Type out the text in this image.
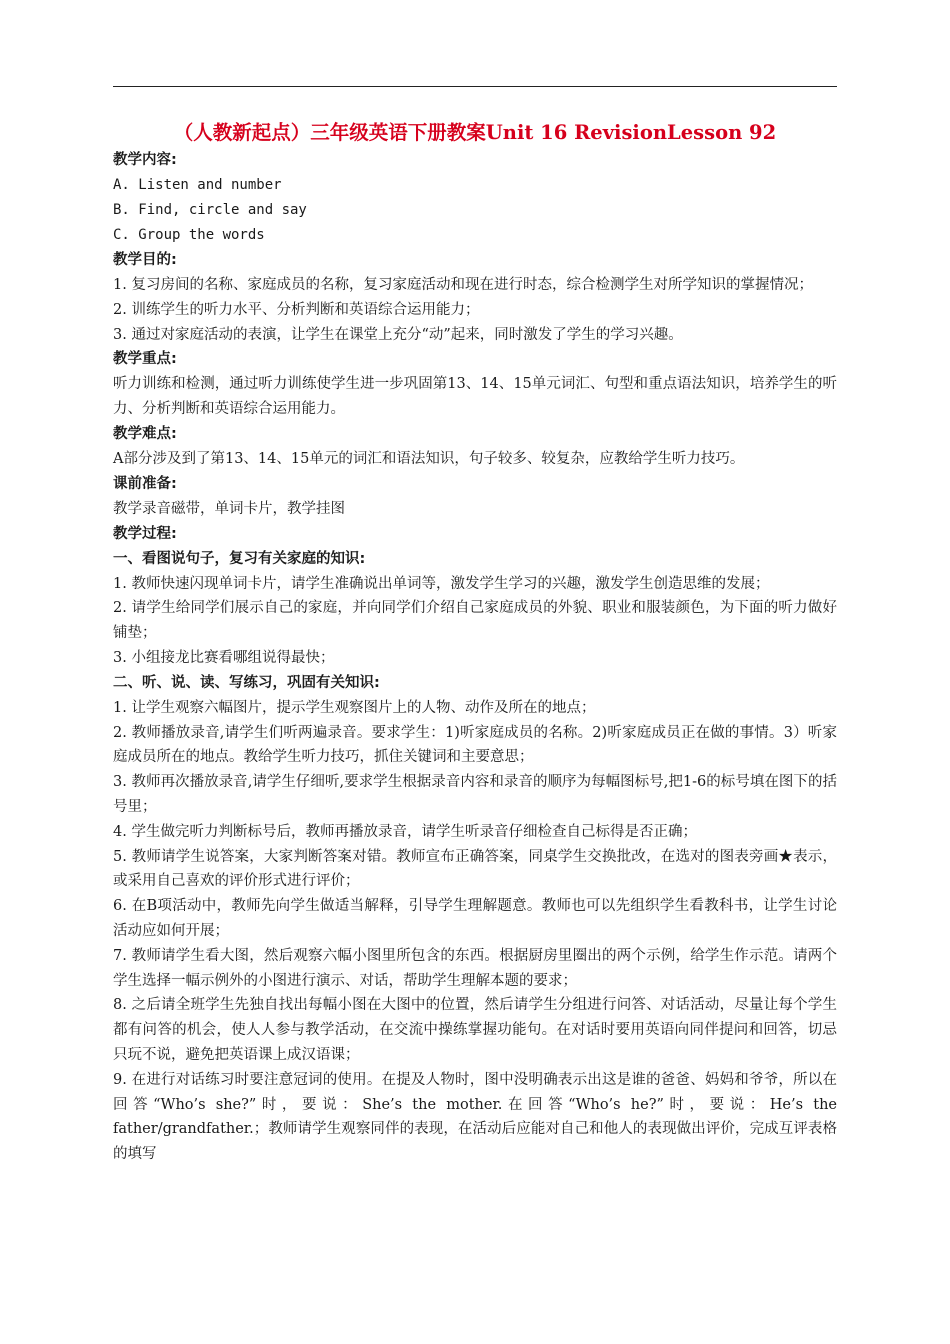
（人教新起点）三年级英语下册教案Unit 16 RevisionLesson 92
教学内容:
A. Listen and number
B. Find, circle and say
C. Group the words
教学目的:
1. 复习房间的名称、家庭成员的名称，复习家庭活动和现在进行时态，综合检测学生对所学知识的掌握情况；
2. 训练学生的听力水平、分析判断和英语综合运用能力；
3. 通过对家庭活动的表演，让学生在课堂上充分“动”起来，同时激发了学生的学习兴趣。
教学重点:
听力训练和检测，通过听力训练使学生进一步巩固第13、14、15单元词汇、句型和重点语法知识，培养学生的听力、分析判断和英语综合运用能力。
教学难点:
A部分涉及到了第13、14、15单元的词汇和语法知识，句子较多、较复杂，应教给学生听力技巧。
课前准备:
教学录音磁带，单词卡片，教学挂图
教学过程:
一、看图说句子，复习有关家庭的知识:
1. 教师快速闪现单词卡片，请学生准确说出单词等，激发学生学习的兴趣，激发学生创造思维的发展；
2. 请学生给同学们展示自己的家庭，并向同学们介绍自己家庭成员的外貌、职业和服装颜色，为下面的听力做好铺垫；
3. 小组接龙比赛看哪组说得最快；
二、听、说、读、写练习，巩固有关知识:
1. 让学生观察六幅图片，提示学生观察图片上的人物、动作及所在的地点；
2. 教师播放录音,请学生们听两遍录音。要求学生：1)听家庭成员的名称。2)听家庭成员正在做的事情。3）听家庭成员所在的地点。教给学生听力技巧，抓住关键词和主要意思；
3. 教师再次播放录音,请学生仔细听,要求学生根据录音内容和录音的顺序为每幅图标号,把1-6的标号填在图下的括号里；
4. 学生做完听力判断标号后，教师再播放录音，请学生听录音仔细检查自己标得是否正确；
5. 教师请学生说答案，大家判断答案对错。教师宣布正确答案，同桌学生交换批改，在选对的图表旁画★表示，或采用自己喜欢的评价形式进行评价；
6. 在B项活动中，教师先向学生做适当解释，引导学生理解题意。教师也可以先组织学生看教科书，让学生讨论活动应如何开展；
7. 教师请学生看大图，然后观察六幅小图里所包含的东西。根据厨房里圈出的两个示例，给学生作示范。请两个学生选择一幅示例外的小图进行演示、对话，帮助学生理解本题的要求；
8. 之后请全班学生先独自找出每幅小图在大图中的位置，然后请学生分组进行问答、对话活动，尽量让每个学生都有问答的机会，使人人参与教学活动，在交流中操练掌握功能句。在对话时要用英语向同伴提问和回答，切忌只玩不说，避免把英语课上成汉语课；
9. 在进行对话练习时要注意冠词的使用。在提及人物时，图中没明确表示出这是谁的爸爸、妈妈和爷爷，所以在回答“Who’s she?”时，要说：She’s the mother.在回答“Who’s he?”时，要说：He’s the father/grandfather.；教师请学生观察同伴的表现，在活动后应能对自己和他人的表现做出评价，完成互评表格的填写
